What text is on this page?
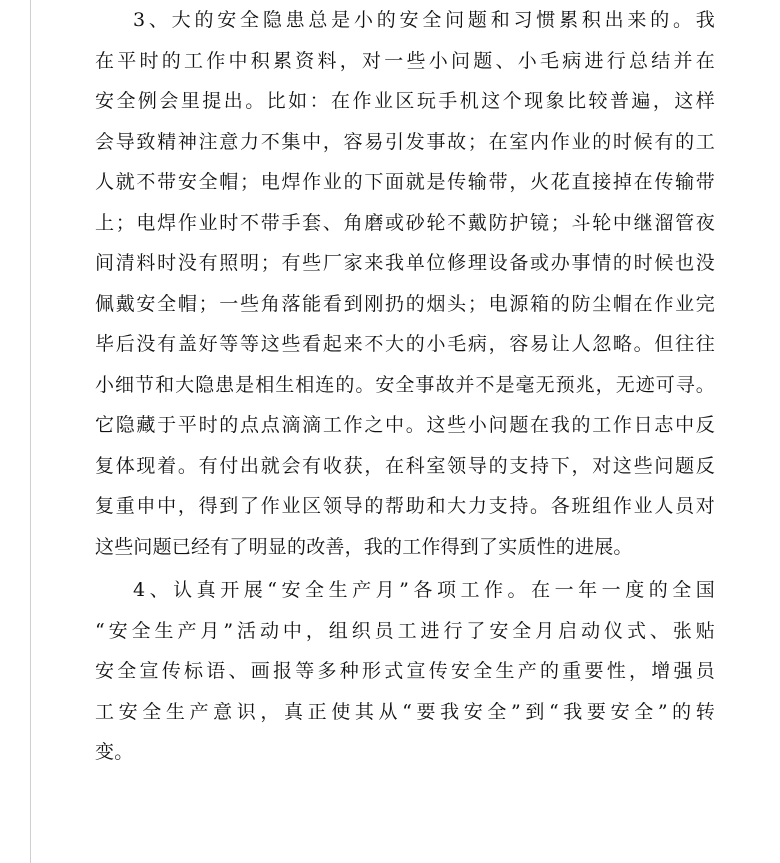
3、大的安全隐患总是小的安全问题和习惯累积出来的。我
在平时的工作中积累资料，对一些小问题、小毛病进行总结并在
安全例会里提出。比如：在作业区玩手机这个现象比较普遍，这样
会导致精神注意力不集中，容易引发事故；在室内作业的时候有的工
人就不带安全帽；电焊作业的下面就是传输带，火花直接掉在传输带
上；电焊作业时不带手套、角磨或砂轮不戴防护镜；斗轮中继溜管夜
间清料时没有照明；有些厂家来我单位修理设备或办事情的时候也没
佩戴安全帽；一些角落能看到刚扔的烟头；电源箱的防尘帽在作业完
毕后没有盖好等等这些看起来不大的小毛病，容易让人忽略。但往往
小细节和大隐患是相生相连的。安全事故并不是毫无预兆，无迹可寻。
它隐藏于平时的点点滴滴工作之中。这些小问题在我的工作日志中反
复体现着。有付出就会有收获，在科室领导的支持下，对这些问题反
复重申中，得到了作业区领导的帮助和大力支持。各班组作业人员对
这些问题已经有了明显的改善，我的工作得到了实质性的进展。
4、认真开展“安全生产月”各项工作。在一年一度的全国
“安全生产月”活动中，组织员工进行了安全月启动仪式、张贴
安全宣传标语、画报等多种形式宣传安全生产的重要性，增强员
工安全生产意识，真正使其从“要我安全”到“我要安全”的转
变。
